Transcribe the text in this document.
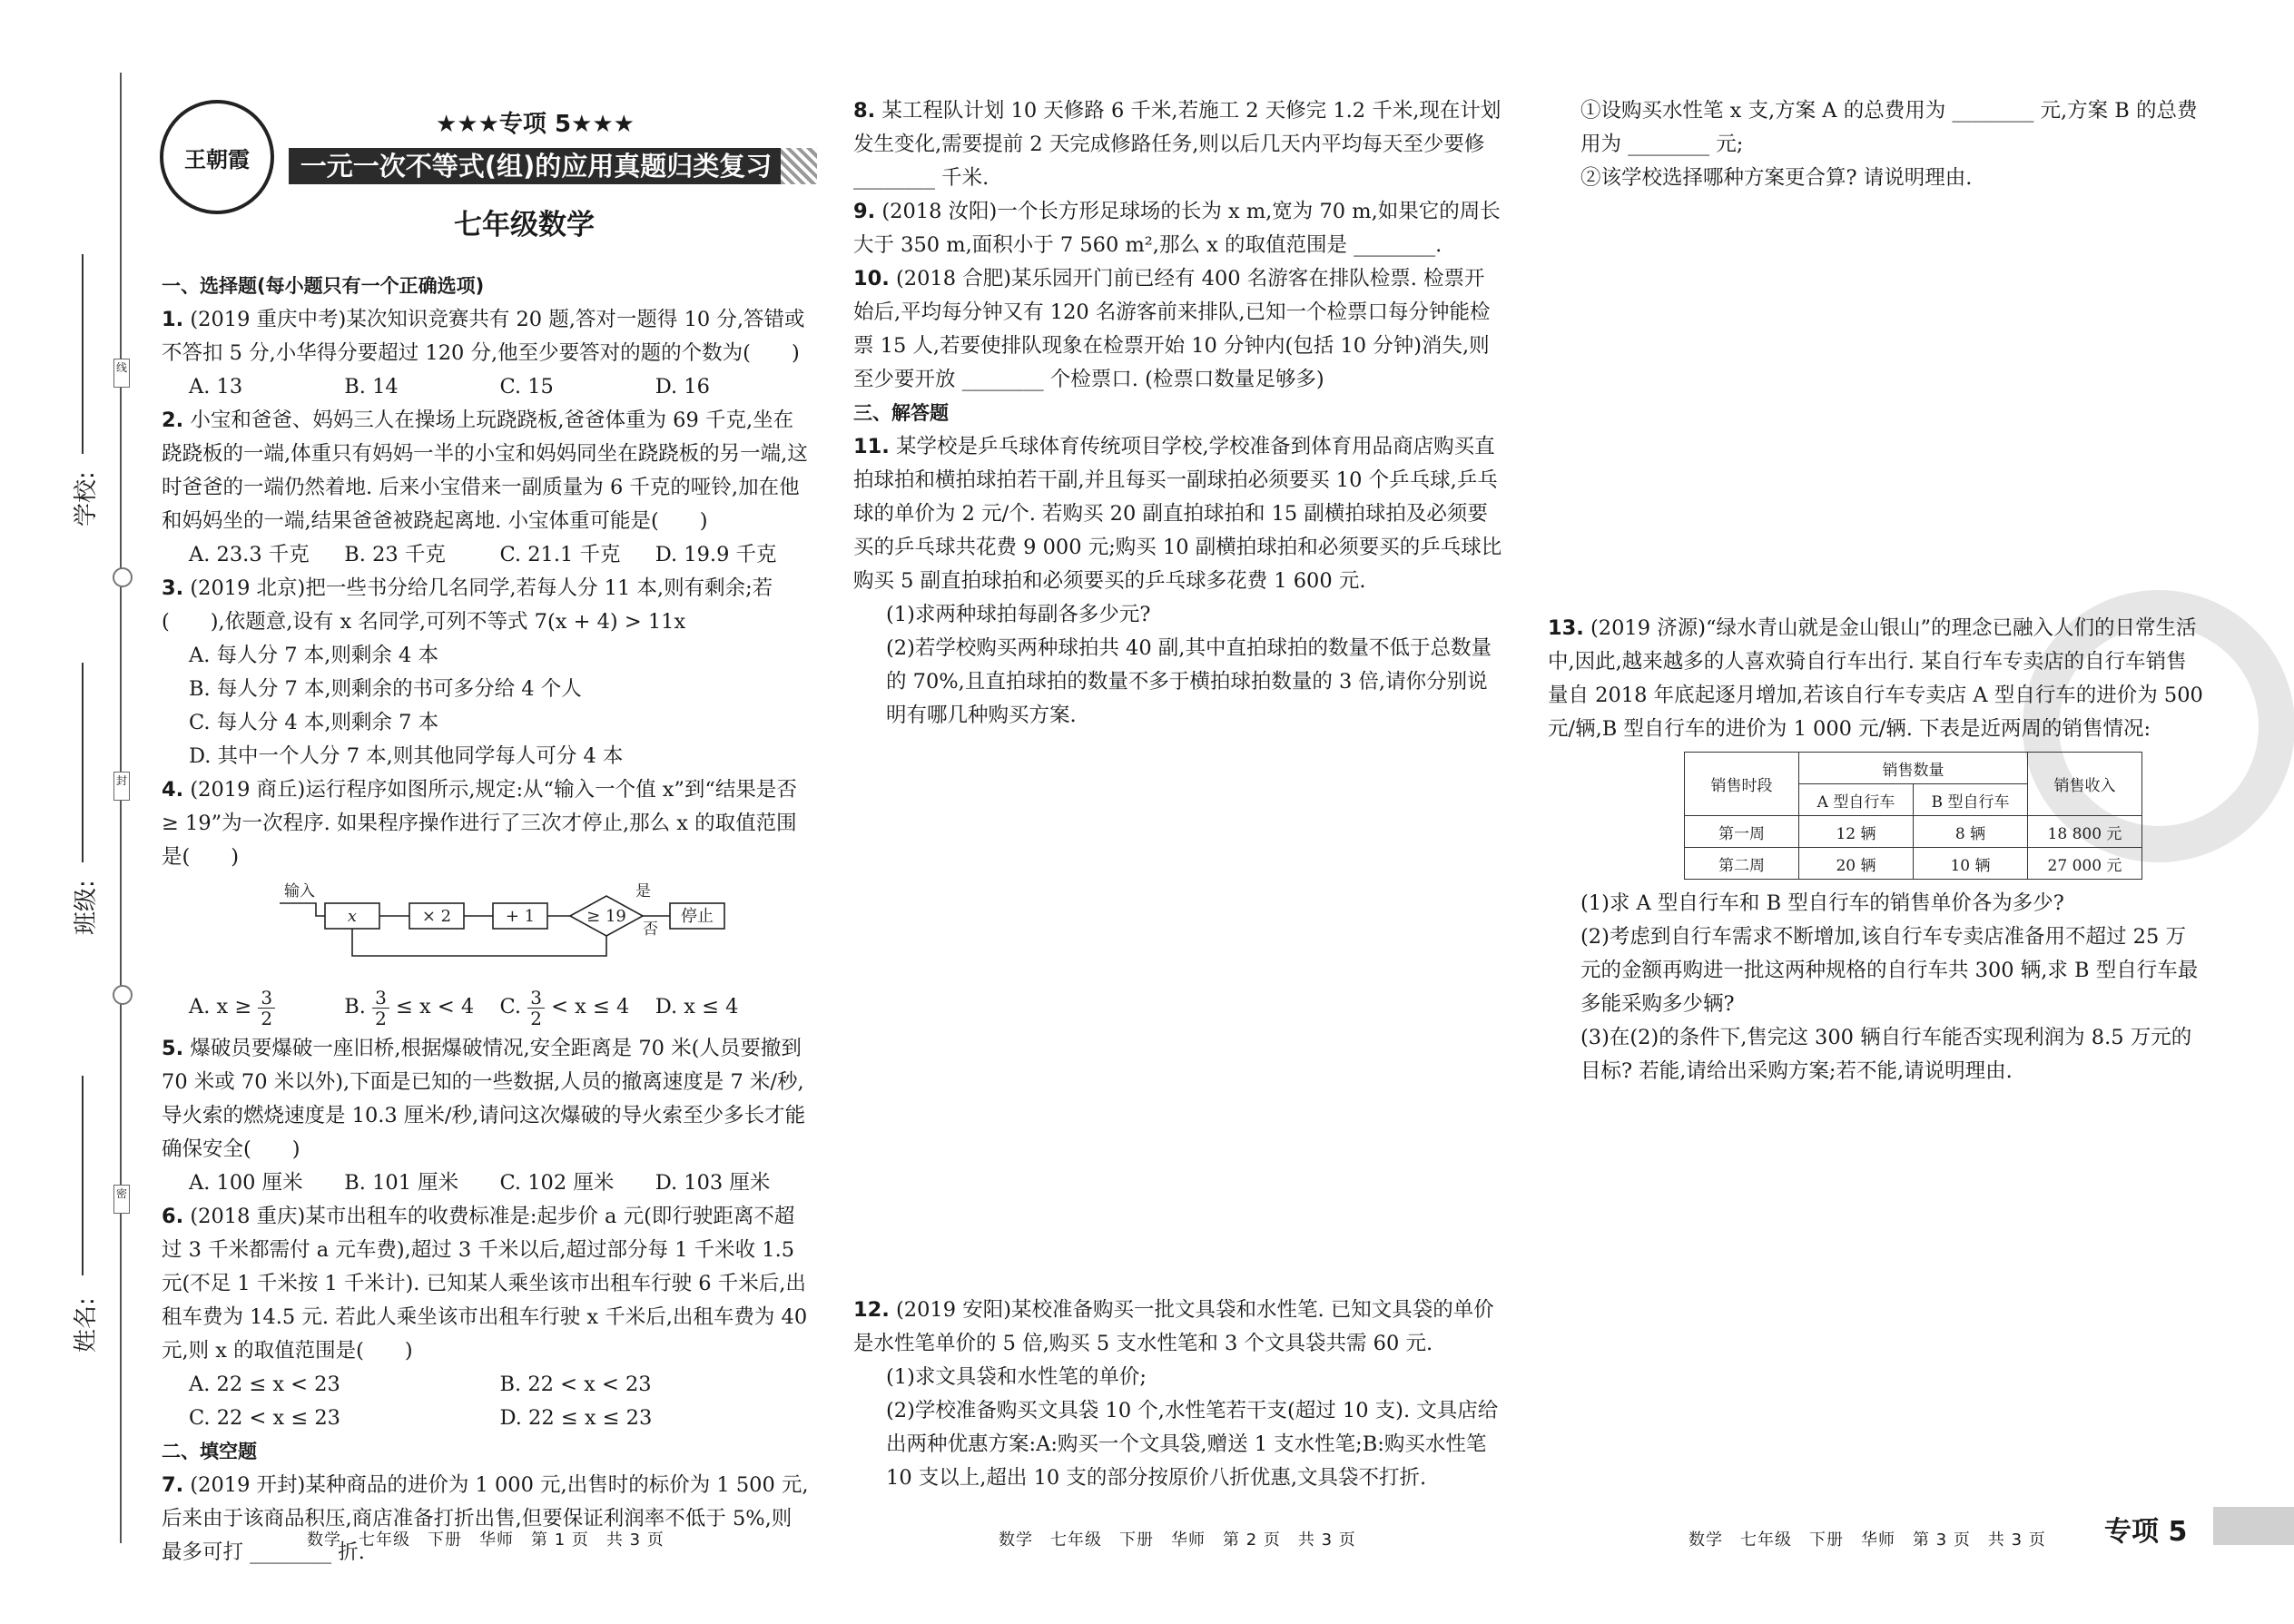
线
封
密
学校:
班级:
姓名:
王朝霞
★★★专项 5★★★
一元一次不等式(组)的应用真题归类复习卷
七年级数学

一、选择题(每小题只有一个正确选项)

1. (2019 重庆中考)某次知识竞赛共有 20 题,答对一题得 10 分,答错或不答扣 5 分,小华得分要超过 120 分,他至少要答对的题的个数为(　　)

A. 13	B. 14	C. 15	D. 16

2. 小宝和爸爸、妈妈三人在操场上玩跷跷板,爸爸体重为 69 千克,坐在跷跷板的一端,体重只有妈妈一半的小宝和妈妈同坐在跷跷板的另一端,这时爸爸的一端仍然着地. 后来小宝借来一副质量为 6 千克的哑铃,加在他和妈妈坐的一端,结果爸爸被跷起离地. 小宝体重可能是(　　)

A. 23.3 千克	B. 23 千克	C. 21.1 千克	D. 19.9 千克

3. (2019 北京)把一些书分给几名同学,若每人分 11 本,则有剩余;若(　　),依题意,设有 x 名同学,可列不等式 7(x + 4) > 11x

A. 每人分 7 本,则剩余 4 本
B. 每人分 7 本,则剩余的书可多分给 4 个人
C. 每人分 4 本,则剩余 7 本
D. 其中一个人分 7 本,则其他同学每人可分 4 本

4. (2019 商丘)运行程序如图所示,规定:从“输入一个值 x”到“结果是否 ≥ 19”为一次程序. 如果程序操作进行了三次才停止,那么 x 的取值范围是(　　)

输入	是
否
x	× 2	+ 1	≥ 19	停止
A. $x \ge \frac{3}{2}$	B. $\frac{3}{2} \le x < 4$	C. $\frac{3}{2} < x \le 4$	D. x ≤ 4

5. 爆破员要爆破一座旧桥,根据爆破情况,安全距离是 70 米(人员要撤到 70 米或 70 米以外),下面是已知的一些数据,人员的撤离速度是 7 米/秒,导火索的燃烧速度是 10.3 厘米/秒,请问这次爆破的导火索至少多长才能确保安全(　　)

A. 100 厘米	B. 101 厘米	C. 102 厘米	D. 103 厘米

6. (2018 重庆)某市出租车的收费标准是:起步价 a 元(即行驶距离不超过 3 千米都需付 a 元车费),超过 3 千米以后,超过部分每 1 千米收 1.5 元(不足 1 千米按 1 千米计). 已知某人乘坐该市出租车行驶 6 千米后,出租车费为 14.5 元. 若此人乘坐该市出租车行驶 x 千米后,出租车费为 40 元,则 x 的取值范围是(　　)

A. 22 ≤ x < 23	B. 22 < x < 23
C. 22 < x ≤ 23	D. 22 ≤ x ≤ 23

二、填空题

7. (2019 开封)某种商品的进价为 1 000 元,出售时的标价为 1 500 元,后来由于该商品积压,商店准备打折出售,但要保证利润率不低于 5%,则最多可打 ________ 折.

8. 某工程队计划 10 天修路 6 千米,若施工 2 天修完 1.2 千米,现在计划发生变化,需要提前 2 天完成修路任务,则以后几天内平均每天至少要修 ________ 千米.

9. (2018 汝阳)一个长方形足球场的长为 x m,宽为 70 m,如果它的周长大于 350 m,面积小于 7 560 m²,那么 x 的取值范围是 ________.

10. (2018 合肥)某乐园开门前已经有 400 名游客在排队检票. 检票开始后,平均每分钟又有 120 名游客前来排队,已知一个检票口每分钟能检票 15 人,若要使排队现象在检票开始 10 分钟内(包括 10 分钟)消失,则至少要开放 ________ 个检票口. (检票口数量足够多)

三、解答题

11. 某学校是乒乓球体育传统项目学校,学校准备到体育用品商店购买直拍球拍和横拍球拍若干副,并且每买一副球拍必须要买 10 个乒乓球,乒乓球的单价为 2 元/个. 若购买 20 副直拍球拍和 15 副横拍球拍及必须要买的乒乓球共花费 9 000 元;购买 10 副横拍球拍和必须要买的乒乓球比购买 5 副直拍球拍和必须要买的乒乓球多花费 1 600 元.

(1)求两种球拍每副各多少元?

(2)若学校购买两种球拍共 40 副,其中直拍球拍的数量不低于总数量的 70%,且直拍球拍的数量不多于横拍球拍数量的 3 倍,请你分别说明有哪几种购买方案.

12. (2019 安阳)某校准备购买一批文具袋和水性笔. 已知文具袋的单价是水性笔单价的 5 倍,购买 5 支水性笔和 3 个文具袋共需 60 元.

(1)求文具袋和水性笔的单价;

(2)学校准备购买文具袋 10 个,水性笔若干支(超过 10 支). 文具店给出两种优惠方案:A:购买一个文具袋,赠送 1 支水性笔;B:购买水性笔 10 支以上,超出 10 支的部分按原价八折优惠,文具袋不打折.

①设购买水性笔 x 支,方案 A 的总费用为 ________ 元,方案 B 的总费用为 ________ 元;

②该学校选择哪种方案更合算? 请说明理由.

13. (2019 济源)“绿水青山就是金山银山”的理念已融入人们的日常生活中,因此,越来越多的人喜欢骑自行车出行. 某自行车专卖店的自行车销售量自 2018 年底起逐月增加,若该自行车专卖店 A 型自行车的进价为 500 元/辆,B 型自行车的进价为 1 000 元/辆. 下表是近两周的销售情况:

销售时段	销售数量		销售收入
	A 型自行车	B 型自行车	
第一周	12 辆	8 辆	18 800 元
第二周	20 辆	10 辆	27 000 元

(1)求 A 型自行车和 B 型自行车的销售单价各为多少?

(2)考虑到自行车需求不断增加,该自行车专卖店准备用不超过 25 万元的金额再购进一批这两种规格的自行车共 300 辆,求 B 型自行车最多能采购多少辆?

(3)在(2)的条件下,售完这 300 辆自行车能否实现利润为 8.5 万元的目标? 若能,请给出采购方案;若不能,请说明理由.

数学　七年级　下册　华师　第 1 页　共 3 页	数学　七年级　下册　华师　第 2 页　共 3 页	数学　七年级　下册　华师　第 3 页　共 3 页 专项 5
